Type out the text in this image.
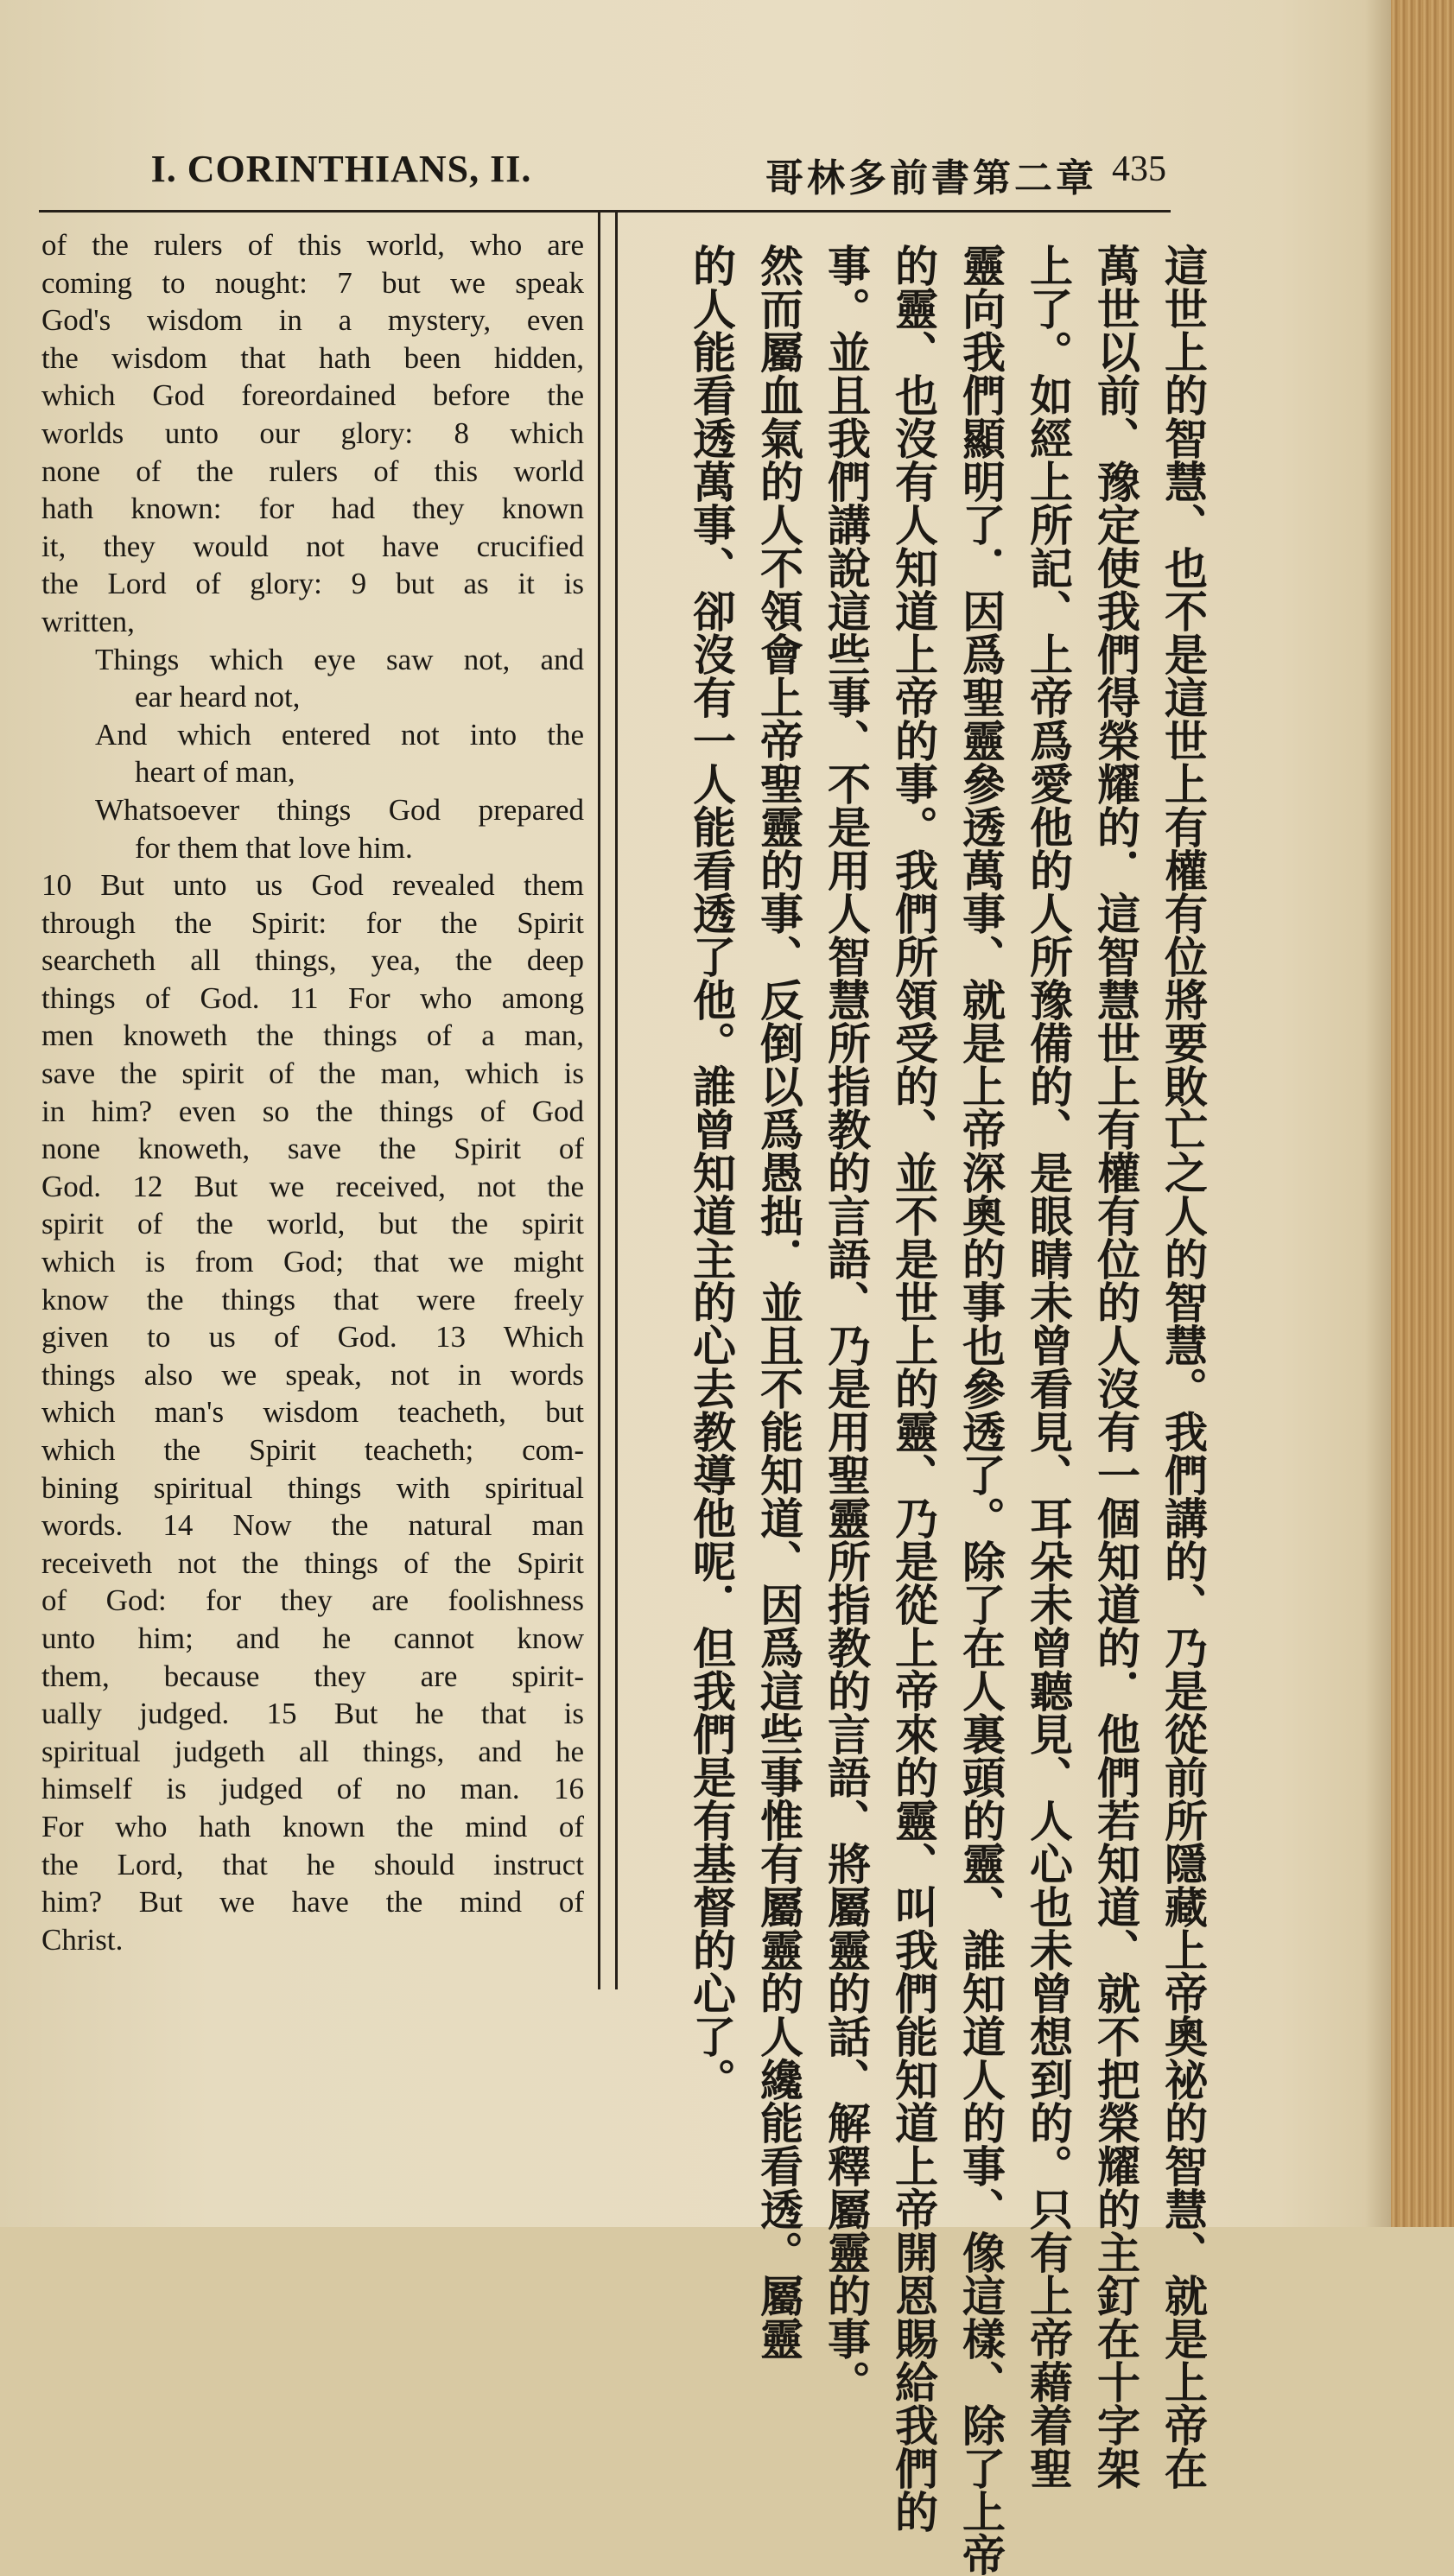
I. CORINTHIANS, II.	哥林多前書第二章 435
of the rulers of this world, who are
coming to nought: 7 but we speak
God's wisdom in a mystery, even
the wisdom that hath been hidden,
which God foreordained before the
worlds unto our glory: 8 which
none of the rulers of this world
hath known: for had they known
it, they would not have crucified
the Lord of glory: 9 but as it is
written,
Things which eye saw not, and
ear heard not,
And which entered not into the
heart of man,
Whatsoever things God prepared
for them that love him.
10 But unto us God revealed them
through the Spirit: for the Spirit
searcheth all things, yea, the deep
things of God. 11 For who among
men knoweth the things of a man,
save the spirit of the man, which is
in him? even so the things of God
none knoweth, save the Spirit of
God. 12 But we received, not the
spirit of the world, but the spirit
which is from God; that we might
know the things that were freely
given to us of God. 13 Which
things also we speak, not in words
which man's wisdom teacheth, but
which the Spirit teacheth; com-
bining spiritual things with spiritual
words. 14 Now the natural man
receiveth not the things of the Spirit
of God: for they are foolishness
unto him; and he cannot know
them, because they are spirit-
ually judged. 15 But he that is
spiritual judgeth all things, and he
himself is judged of no man. 16
For who hath known the mind of
the Lord, that he should instruct
him? But we have the mind of
Christ.	這世上的智慧、也不是這世上有權有位將要敗亡之人的智慧。我們講的、乃是從前所隱藏上帝奧祕的智慧、就是上帝在
萬世以前、豫定使我們得榮耀的．這智慧世上有權有位的人沒有一個知道的．他們若知道、就不把榮耀的主釘在十字架
上了。如經上所記、上帝爲愛他的人所豫備的、是眼睛未曾看見、耳朵未曾聽見、人心也未曾想到的。只有上帝藉着聖
靈向我們顯明了．因爲聖靈參透萬事、就是上帝深奧的事也參透了。除了在人裏頭的靈、誰知道人的事、像這樣、除了上帝
的靈、也沒有人知道上帝的事。我們所領受的、並不是世上的靈、乃是從上帝來的靈、叫我們能知道上帝開恩賜給我們的
事。並且我們講說這些事、不是用人智慧所指教的言語、乃是用聖靈所指教的言語、將屬靈的話、解釋屬靈的事。
然而屬血氣的人不領會上帝聖靈的事、反倒以爲愚拙．並且不能知道、因爲這些事惟有屬靈的人纔能看透。屬靈
的人能看透萬事、卻沒有一人能看透了他。誰曾知道主的心去教導他呢．但我們是有基督的心了。
